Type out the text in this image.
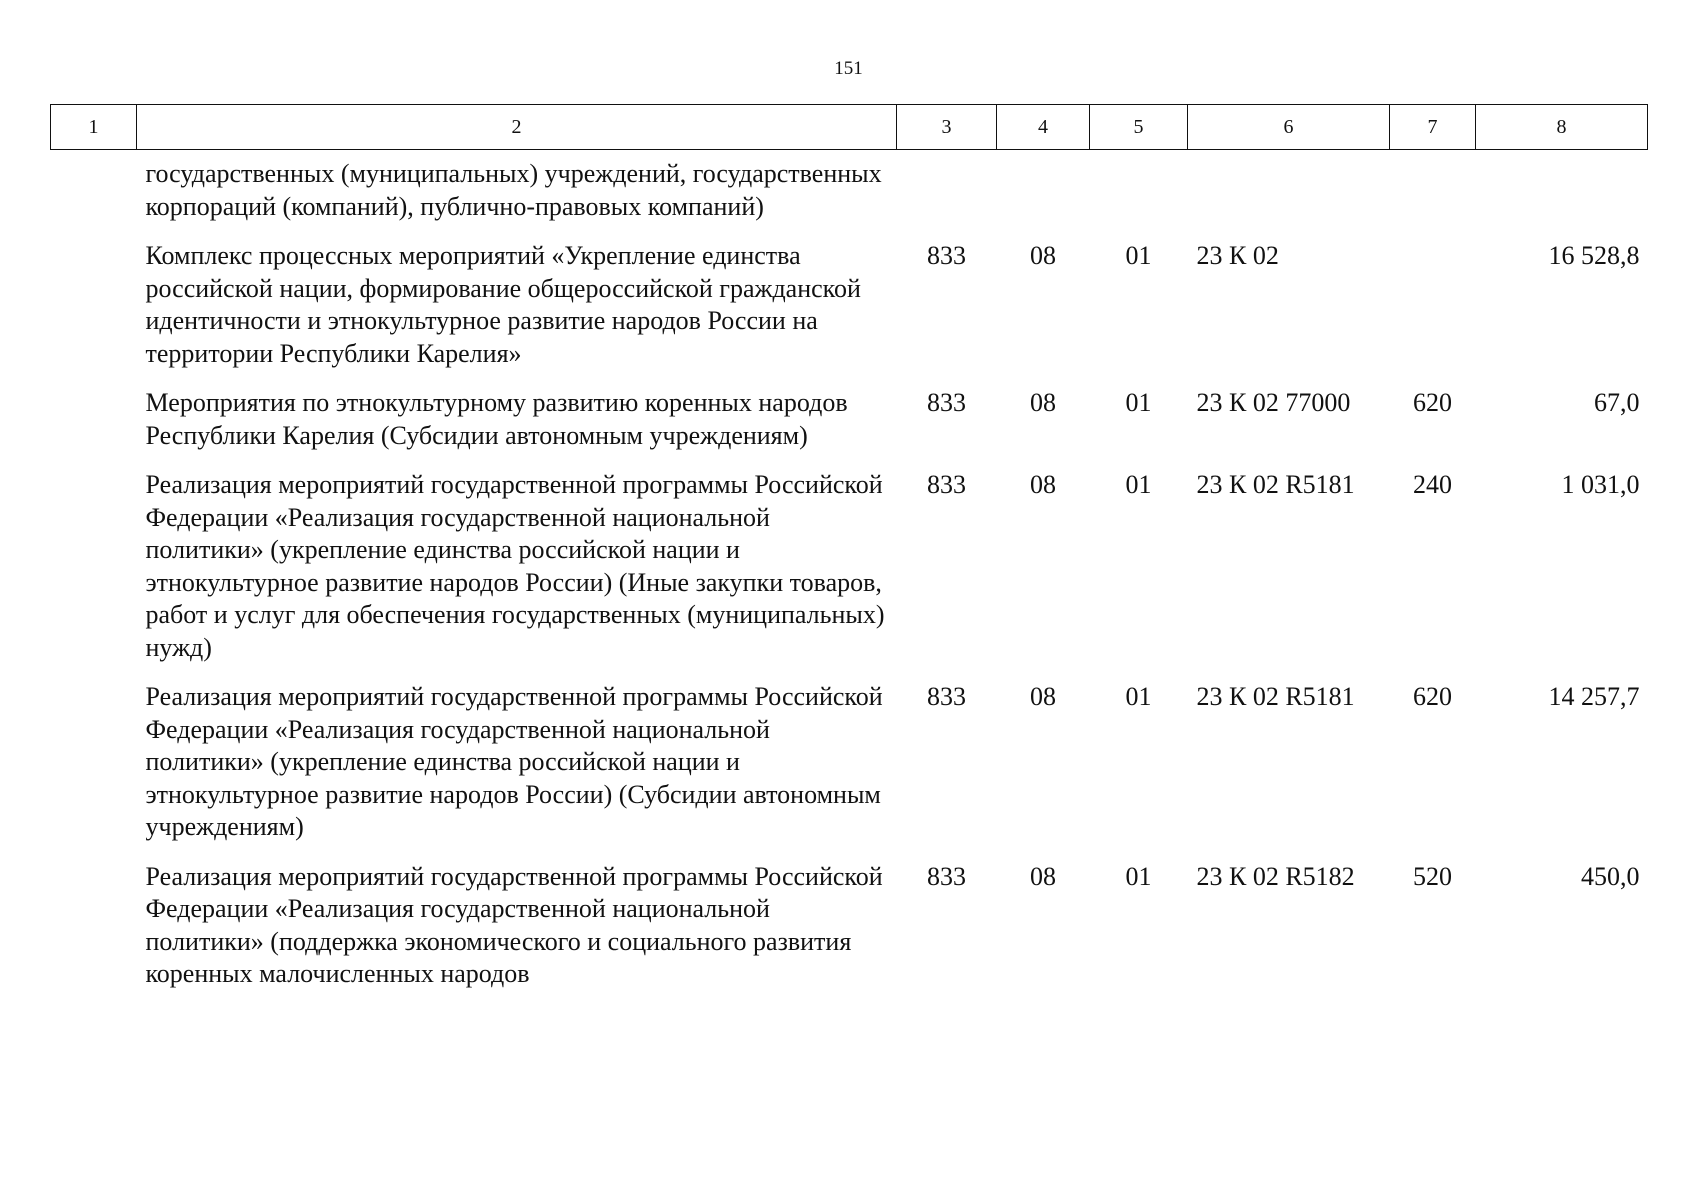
151
1	2	3	4	5	6	7	8
	государственных (муниципальных) учреждений, государственных корпораций (компаний), публично-правовых компаний)						
	Комплекс процессных мероприятий «Укрепление единства российской нации, формирование общероссийской гражданской идентичности и этнокультурное развитие народов России на территории Республики Карелия»	833	08	01	23 К 02		16 528,8
	Мероприятия по этнокультурному развитию коренных народов Республики Карелия (Субсидии автономным учреждениям)	833	08	01	23 К 02 77000	620	67,0
	Реализация мероприятий государственной программы Российской Федерации «Реализация государственной национальной политики» (укрепление единства российской нации и этнокультурное развитие народов России) (Иные закупки товаров, работ и услуг для обеспечения государственных (муниципальных) нужд)	833	08	01	23 К 02 R5181	240	1 031,0
	Реализация мероприятий государственной программы Российской Федерации «Реализация государственной национальной политики» (укрепление единства российской нации и этнокультурное развитие народов России) (Субсидии автономным учреждениям)	833	08	01	23 К 02 R5181	620	14 257,7
	Реализация мероприятий государственной программы Российской Федерации «Реализация государственной национальной политики» (поддержка экономического и социального развития коренных малочисленных народов	833	08	01	23 К 02 R5182	520	450,0
